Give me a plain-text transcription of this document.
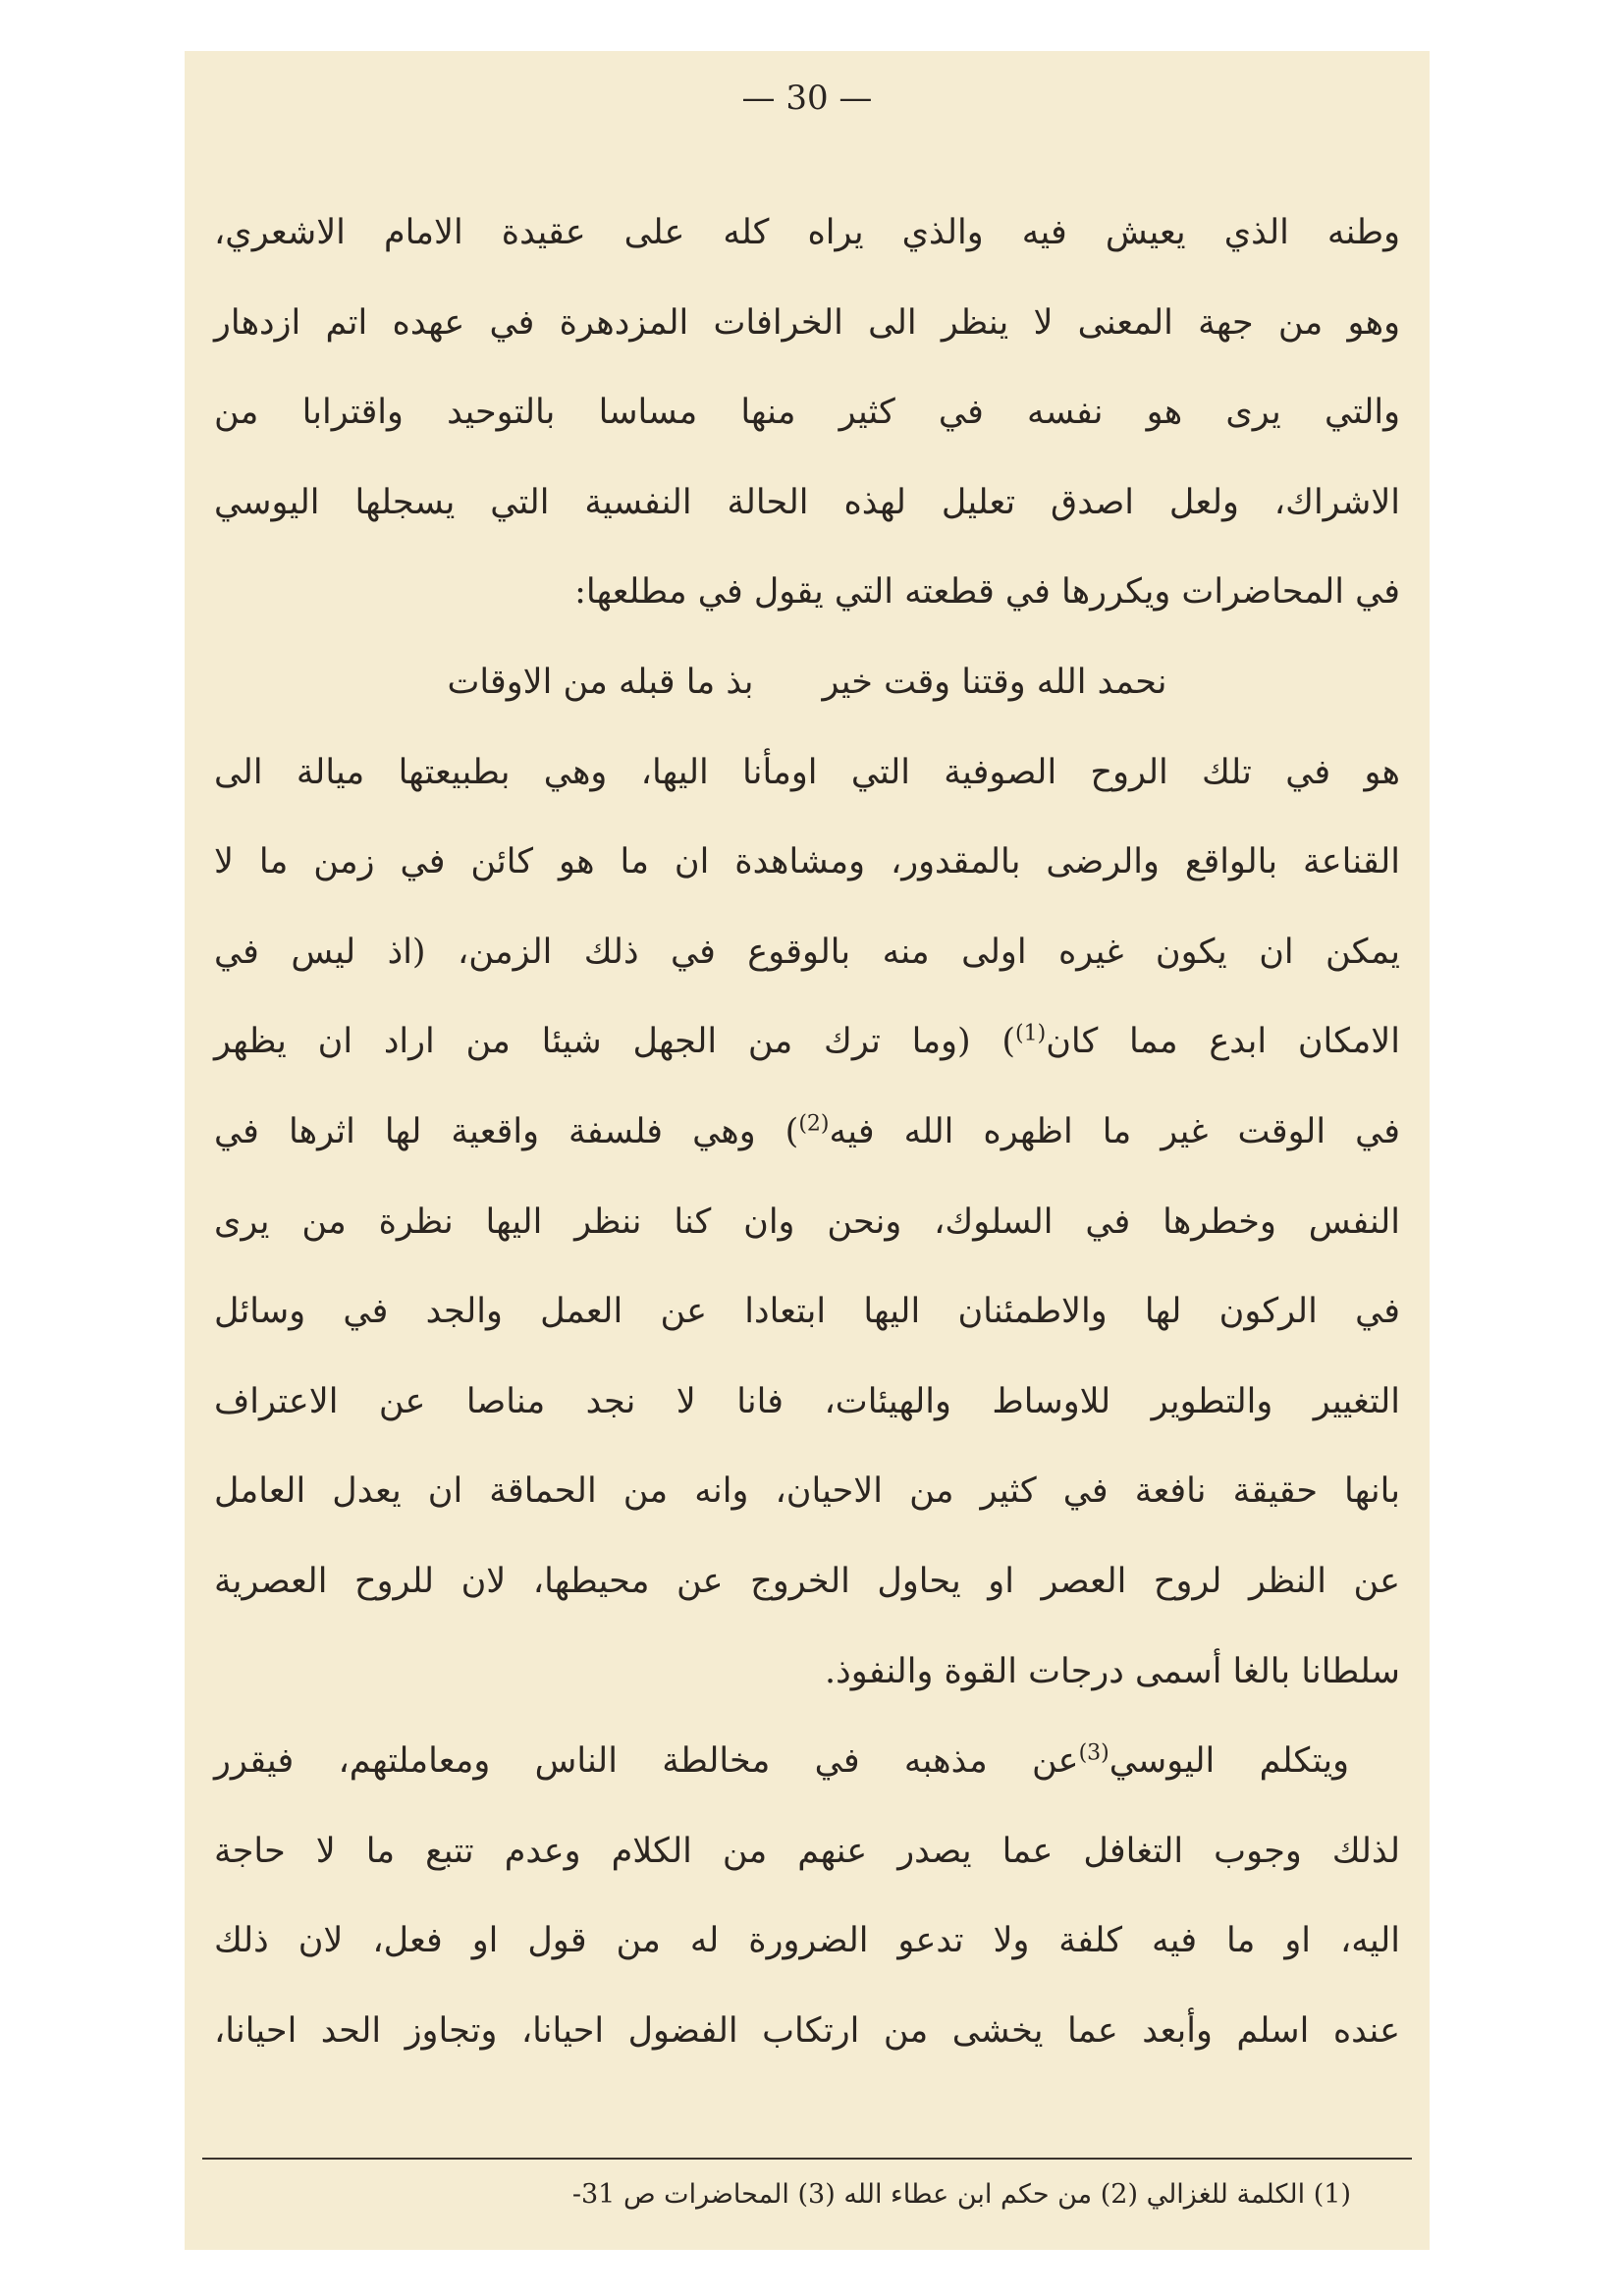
— 30 —
وطنه الذي يعيش فيه والذي يراه كله على عقيدة الامام الاشعري،
وهو من جهة المعنى لا ينظر الى الخرافات المزدهرة في عهده اتم ازدهار
والتي يرى هو نفسه في كثير منها مساسا بالتوحيد واقترابا من
الاشراك، ولعل اصدق تعليل لهذه الحالة النفسية التي يسجلها اليوسي
في المحاضرات ويكررها في قطعته التي يقول في مطلعها:
نحمد الله وقتنا وقت خير
بذ ما قبله من الاوقات
هو في تلك الروح الصوفية التي اومأنا اليها، وهي بطبيعتها ميالة الى
القناعة بالواقع والرضى بالمقدور، ومشاهدة ان ما هو كائن في زمن ما لا
يمكن ان يكون غيره اولى منه بالوقوع في ذلك الزمن، (اذ ليس في
الامكان ابدع مما كان$^{(1)}$) (وما ترك من الجهل شيئا من اراد ان يظهر
في الوقت غير ما اظهره الله فيه$^{(2)}$) وهي فلسفة واقعية لها اثرها في
النفس وخطرها في السلوك، ونحن وان كنا ننظر اليها نظرة من يرى
في الركون لها والاطمئنان اليها ابتعادا عن العمل والجد في وسائل
التغيير والتطوير للاوساط والهيئات، فانا لا نجد مناصا عن الاعتراف
بانها حقيقة نافعة في كثير من الاحيان، وانه من الحماقة ان يعدل العامل
عن النظر لروح العصر او يحاول الخروج عن محيطها، لان للروح العصرية
سلطانا بالغا أسمى درجات القوة والنفوذ.
ويتكلم اليوسي$^{(3)}$عن مذهبه في مخالطة الناس ومعاملتهم، فيقرر
لذلك وجوب التغافل عما يصدر عنهم من الكلام وعدم تتبع ما لا حاجة
اليه، او ما فيه كلفة ولا تدعو الضرورة له من قول او فعل، لان ذلك
عنده اسلم وأبعد عما يخشى من ارتكاب الفضول احيانا، وتجاوز الحد احيانا،
(1) الكلمة للغزالي (2) من حكم ابن عطاء الله (3) المحاضرات ص 31-
